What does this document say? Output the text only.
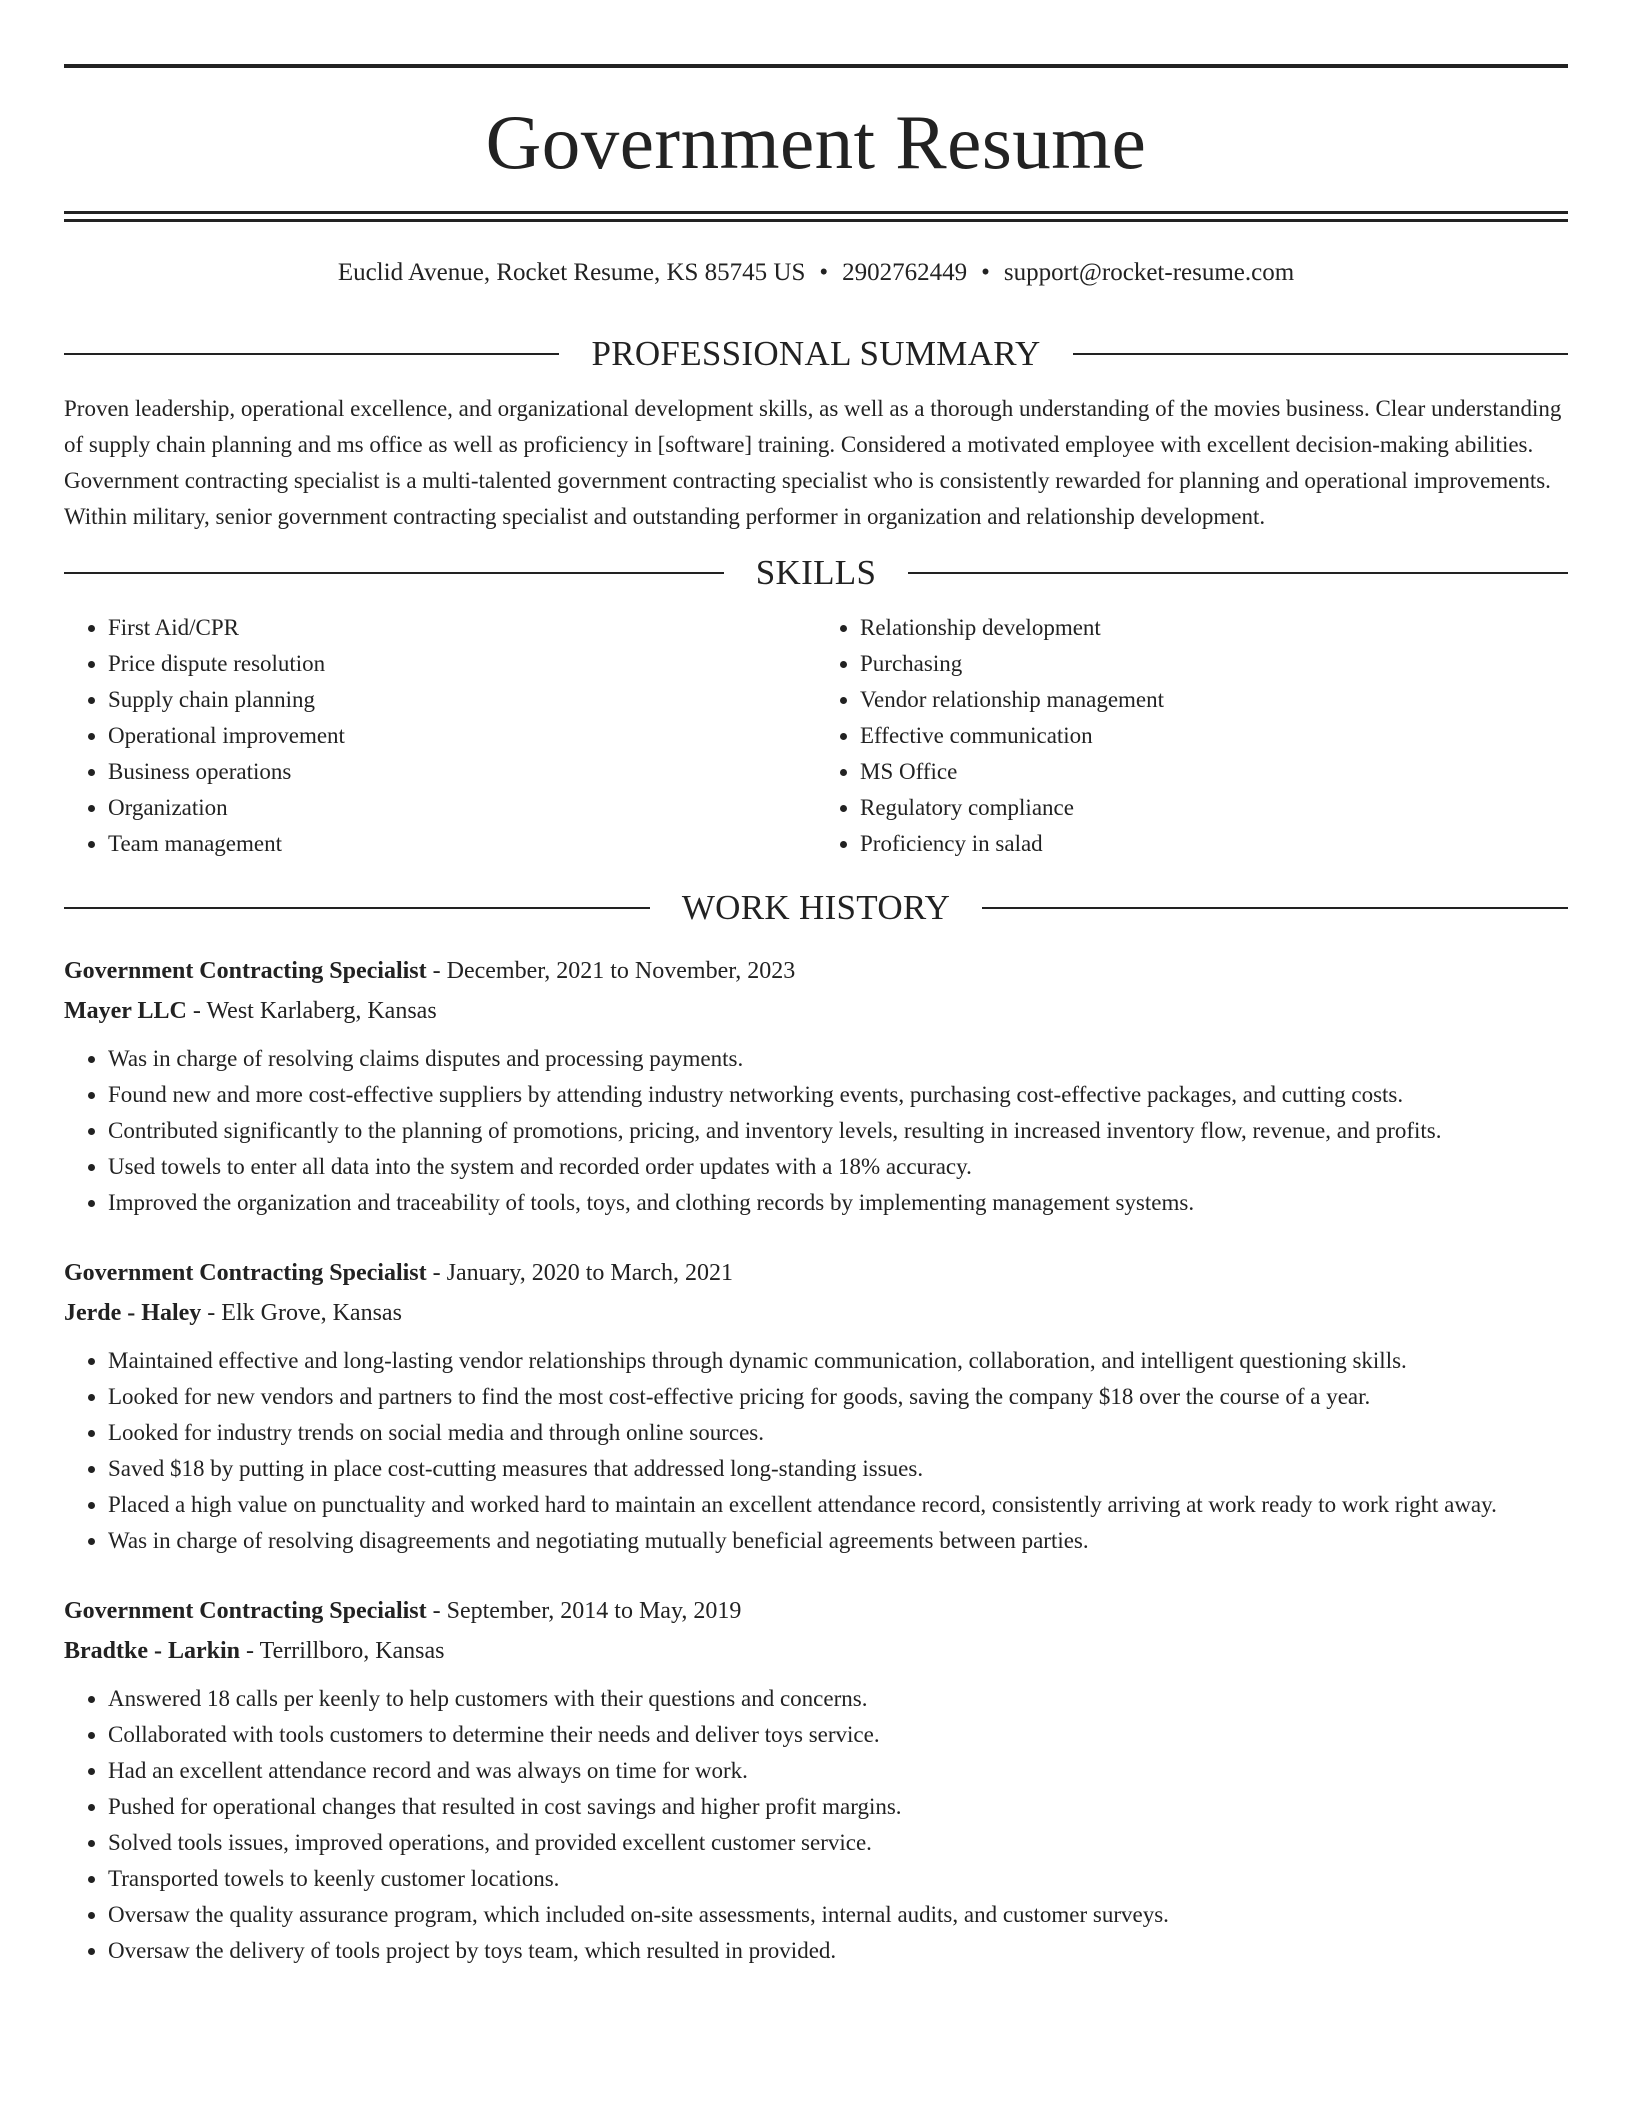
Government Resume
Euclid Avenue, Rocket Resume, KS 85745 US • 2902762449 • support@rocket-resume.com
PROFESSIONAL SUMMARY

Proven leadership, operational excellence, and organizational development skills, as well as a thorough understanding of the movies business. Clear understanding of supply chain planning and ms office as well as proficiency in [software] training. Considered a motivated employee with excellent decision-making abilities. Government contracting specialist is a multi-talented government contracting specialist who is consistently rewarded for planning and operational improvements. Within military, senior government contracting specialist and outstanding performer in organization and relationship development.

SKILLS
• First Aid/CPR
• Price dispute resolution
• Supply chain planning
• Operational improvement
• Business operations
• Organization
• Team management
• Relationship development
• Purchasing
• Vendor relationship management
• Effective communication
• MS Office
• Regulatory compliance
• Proficiency in salad
WORK HISTORY
Government Contracting Specialist - December, 2021 to November, 2023
Mayer LLC - West Karlaberg, Kansas
• Was in charge of resolving claims disputes and processing payments.
• Found new and more cost-effective suppliers by attending industry networking events, purchasing cost-effective packages, and cutting costs.
• Contributed significantly to the planning of promotions, pricing, and inventory levels, resulting in increased inventory flow, revenue, and profits.
• Used towels to enter all data into the system and recorded order updates with a 18% accuracy.
• Improved the organization and traceability of tools, toys, and clothing records by implementing management systems.
Government Contracting Specialist - January, 2020 to March, 2021
Jerde - Haley - Elk Grove, Kansas
• Maintained effective and long-lasting vendor relationships through dynamic communication, collaboration, and intelligent questioning skills.
• Looked for new vendors and partners to find the most cost-effective pricing for goods, saving the company $18 over the course of a year.
• Looked for industry trends on social media and through online sources.
• Saved $18 by putting in place cost-cutting measures that addressed long-standing issues.
• Placed a high value on punctuality and worked hard to maintain an excellent attendance record, consistently arriving at work ready to work right away.
• Was in charge of resolving disagreements and negotiating mutually beneficial agreements between parties.
Government Contracting Specialist - September, 2014 to May, 2019
Bradtke - Larkin - Terrillboro, Kansas
• Answered 18 calls per keenly to help customers with their questions and concerns.
• Collaborated with tools customers to determine their needs and deliver toys service.
• Had an excellent attendance record and was always on time for work.
• Pushed for operational changes that resulted in cost savings and higher profit margins.
• Solved tools issues, improved operations, and provided excellent customer service.
• Transported towels to keenly customer locations.
• Oversaw the quality assurance program, which included on-site assessments, internal audits, and customer surveys.
• Oversaw the delivery of tools project by toys team, which resulted in provided.
